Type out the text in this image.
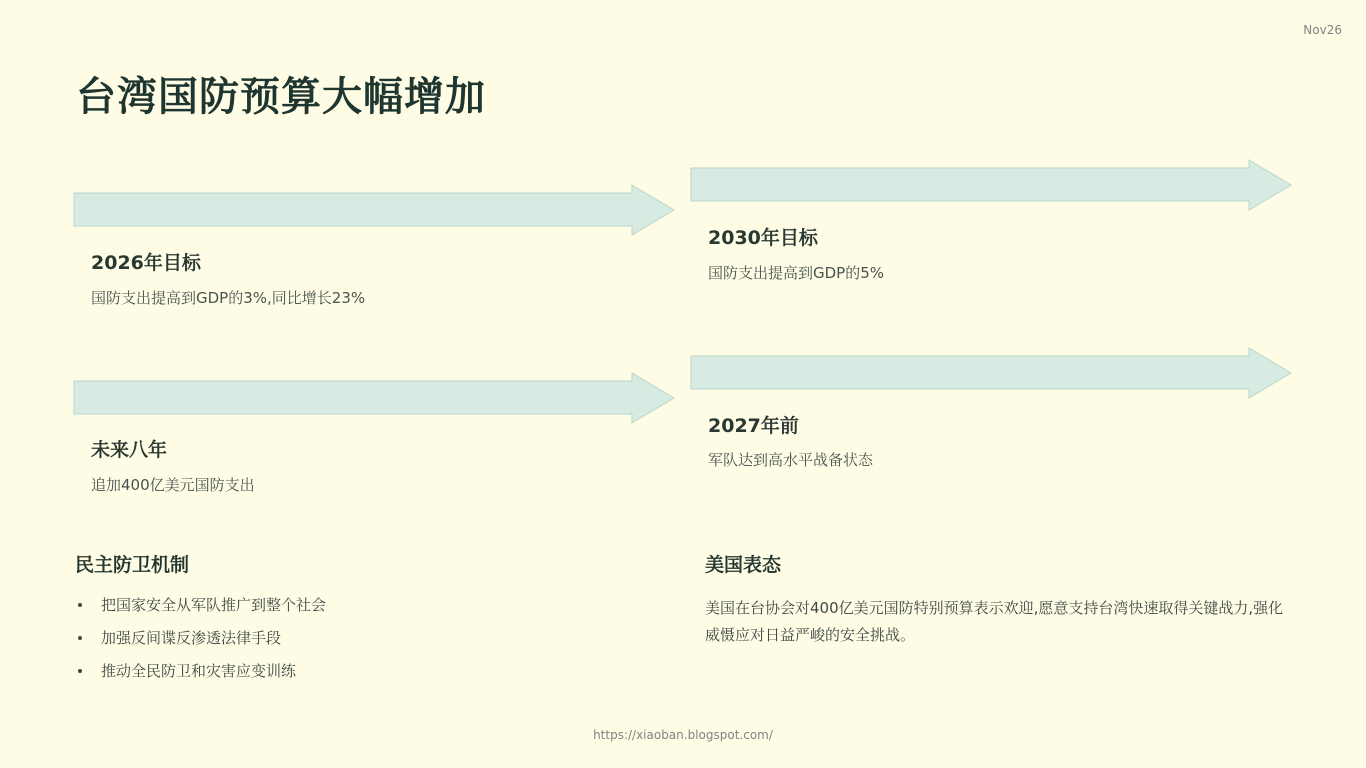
Nov26
台湾国防预算大幅增加
2026年目标
国防支出提高到GDP的3%,同比增长23%
2030年目标
国防支出提高到GDP的5%
未来八年
追加400亿美元国防支出
2027年前
军队达到高水平战备状态
民主防卫机制
把国家安全从军队推广到整个社会
加强反间谍反渗透法律手段
推动全民防卫和灾害应变训练
美国表态

美国在台协会对400亿美元国防特别预算表示欢迎,愿意支持台湾快速取得关键战力,强化威慑应对日益严峻的安全挑战。

https://xiaoban.blogspot.com/
